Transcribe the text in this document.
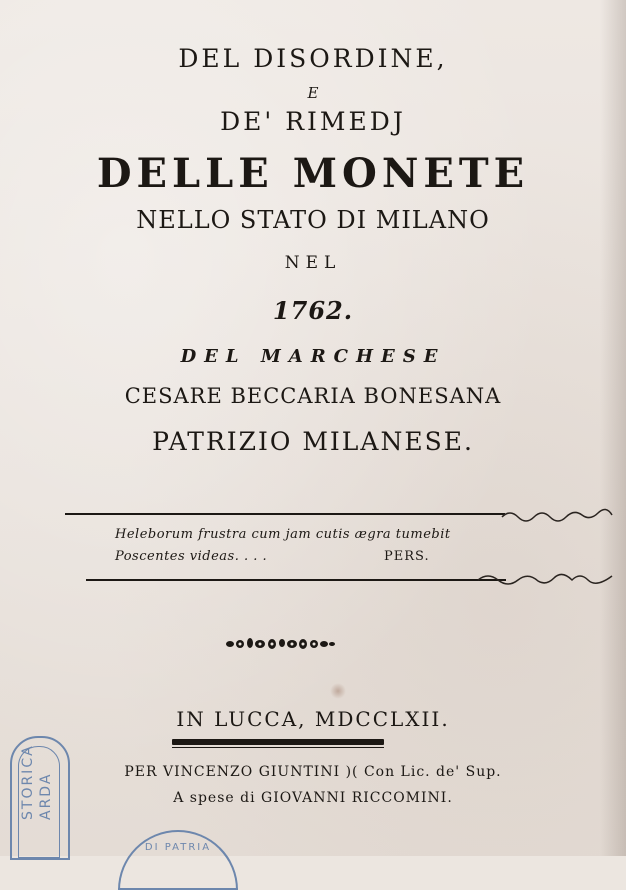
DEL DISORDINE,
E
DE' RIMEDJ
DELLE MONETE
NELLO STATO DI MILANO
NEL
1762.
DEL MARCHESE
CESARE BECCARIA BONESANA
PATRIZIO MILANESE.
Heleborum frustra cum jam cutis ægra tumebit
Poscentes videas. . . .	PERS.
IN LUCCA, MDCCLXII.
PER VINCENZO GIUNTINI )( Con Lic. de' Sup.
A spese di GIOVANNI RICCOMINI.
STORICA ARDA
DI PATRIA
